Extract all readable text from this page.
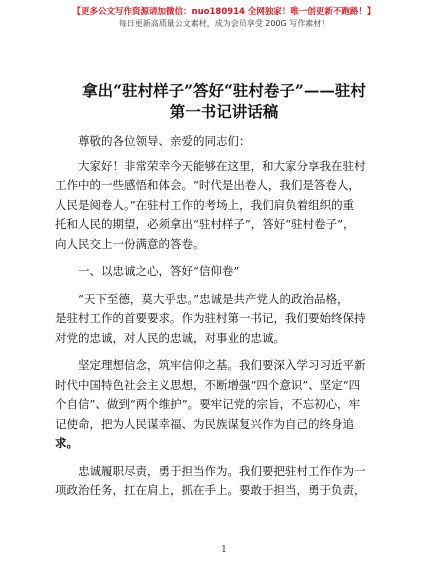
【更多公文写作资源请加微信：nuo180914 全网独家！唯一创更新不跑路！】
每日更新高质量公文素材，成为会员享受 200G 写作素材！
拿出“驻村样子”答好“驻村卷子”——驻村
第一书记讲话稿

尊敬的各位领导、亲爱的同志们：

大家好！非常荣幸今天能够在这里，和大家分享我在驻村
工作中的一些感悟和体会。“时代是出卷人，我们是答卷人，
人民是阅卷人。”在驻村工作的考场上，我们肩负着组织的重
托和人民的期望，必须拿出“驻村样子”，答好“驻村卷子”，
向人民交上一份满意的答卷。

一、以忠诚之心，答好“信仰卷”

“天下至德，莫大乎忠。”忠诚是共产党人的政治品格，
是驻村工作的首要要求。作为驻村第一书记，我们要始终保持
对党的忠诚，对人民的忠诚，对事业的忠诚。

坚定理想信念，筑牢信仰之基。我们要深入学习习近平新
时代中国特色社会主义思想，不断增强“四个意识”、坚定“四
个自信”、做到“两个维护”。要牢记党的宗旨，不忘初心，牢
记使命，把为人民谋幸福、为民族谋复兴作为自己的终身追
求。

忠诚履职尽责，勇于担当作为。我们要把驻村工作作为一
项政治任务，扛在肩上，抓在手上。要敢于担当，勇于负责，

1
